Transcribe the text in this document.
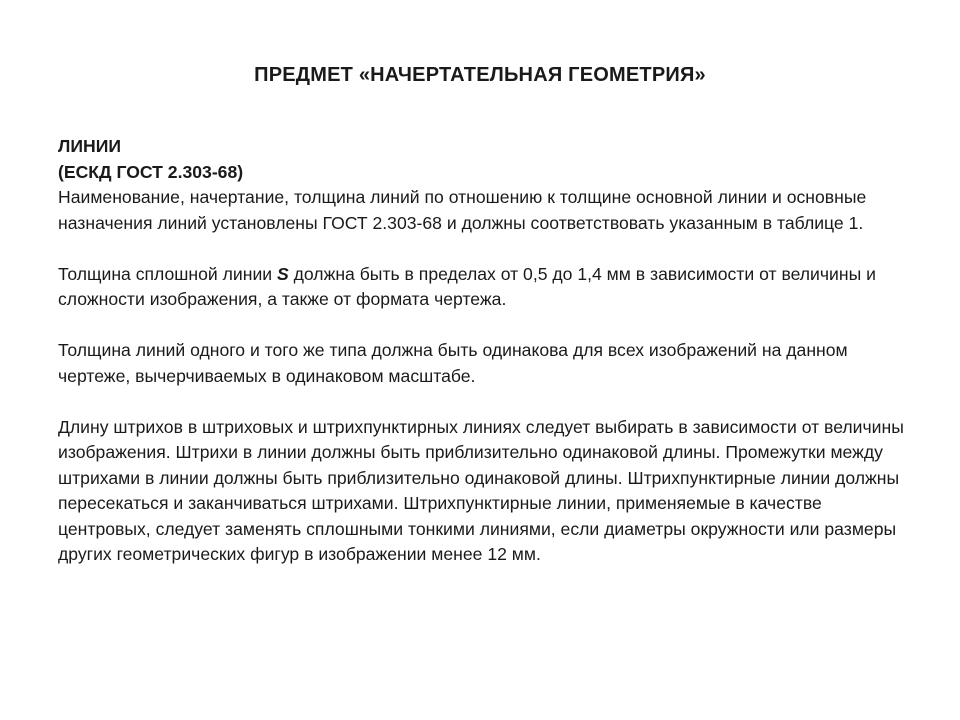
ПРЕДМЕТ «НАЧЕРТАТЕЛЬНАЯ ГЕОМЕТРИЯ»

ЛИНИИ

(ЕСКД ГОСТ 2.303-68)

Наименование, начертание, толщина линий по отношению к толщине основной линии и основные назначения линий установлены ГОСТ 2.303-68 и должны соответствовать указанным в таблице 1.

Толщина сплошной линии S должна быть в пределах от 0,5 до 1,4 мм в зависимости от величины и сложности изображения, а также от формата чертежа.

Толщина линий одного и того же типа должна быть одинакова для всех изображений на данном чертеже, вычерчиваемых в одинаковом масштабе.

Длину штрихов в штриховых и штрихпунктирных линиях следует выбирать в зависимости от величины изображения. Штрихи в линии должны быть приблизительно одинаковой длины. Промежутки между штрихами в линии должны быть приблизительно одинаковой длины. Штрихпунктирные линии должны пересекаться и заканчиваться штрихами. Штрихпунктирные линии, применяемые в качестве центровых, следует заменять сплошными тонкими линиями, если диаметры окружности или размеры других геометрических фигур в изображении менее 12 мм.
